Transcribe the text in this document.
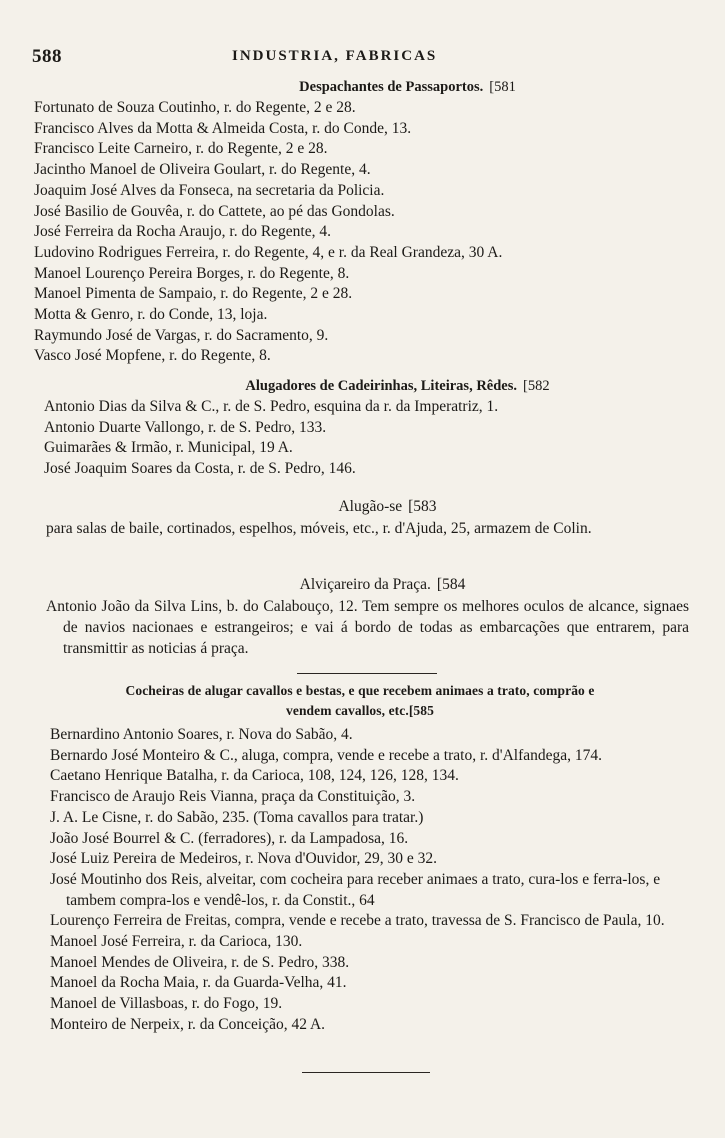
588	INDUSTRIA, FABRICAS
Despachantes de Passaportos. [581
Fortunato de Souza Coutinho, r. do Regente, 2 e 28.
Francisco Alves da Motta & Almeida Costa, r. do Conde, 13.
Francisco Leite Carneiro, r. do Regente, 2 e 28.
Jacintho Manoel de Oliveira Goulart, r. do Regente, 4.
Joaquim José Alves da Fonseca, na secretaria da Policia.
José Basilio de Gouvêa, r. do Cattete, ao pé das Gondolas.
José Ferreira da Rocha Araujo, r. do Regente, 4.
Ludovino Rodrigues Ferreira, r. do Regente, 4, e r. da Real Grandeza, 30 A.
Manoel Lourenço Pereira Borges, r. do Regente, 8.
Manoel Pimenta de Sampaio, r. do Regente, 2 e 28.
Motta & Genro, r. do Conde, 13, loja.
Raymundo José de Vargas, r. do Sacramento, 9.
Vasco José Mopfene, r. do Regente, 8.
Alugadores de Cadeirinhas, Liteiras, Rêdes. [582
Antonio Dias da Silva & C., r. de S. Pedro, esquina da r. da Imperatriz, 1.
Antonio Duarte Vallongo, r. de S. Pedro, 133.
Guimarães & Irmão, r. Municipal, 19 A.
José Joaquim Soares da Costa, r. de S. Pedro, 146.
Alugão-se [583
para salas de baile, cortinados, espelhos, móveis, etc., r. d'Ajuda, 25, armazem de Colin.
Alviçareiro da Praça. [584
Antonio João da Silva Lins, b. do Calabouço, 12. Tem sempre os melhores oculos de alcance, signaes de navios nacionaes e estrangeiros; e vai á bordo de todas as embarcações que entrarem, para transmittir as noticias á praça.
Cocheiras de alugar cavallos e bestas, e que recebem animaes a trato, comprão e
vendem cavallos, etc.[585
Bernardino Antonio Soares, r. Nova do Sabão, 4.
Bernardo José Monteiro & C., aluga, compra, vende e recebe a trato, r. d'Alfandega, 174.
Caetano Henrique Batalha, r. da Carioca, 108, 124, 126, 128, 134.
Francisco de Araujo Reis Vianna, praça da Constituição, 3.
J. A. Le Cisne, r. do Sabão, 235. (Toma cavallos para tratar.)
João José Bourrel & C. (ferradores), r. da Lampadosa, 16.
José Luiz Pereira de Medeiros, r. Nova d'Ouvidor, 29, 30 e 32.
José Moutinho dos Reis, alveitar, com cocheira para receber animaes a trato, cura-los e ferra-los, e tambem compra-los e vendê-los, r. da Constit., 64
Lourenço Ferreira de Freitas, compra, vende e recebe a trato, travessa de S. Francisco de Paula, 10.
Manoel José Ferreira, r. da Carioca, 130.
Manoel Mendes de Oliveira, r. de S. Pedro, 338.
Manoel da Rocha Maia, r. da Guarda-Velha, 41.
Manoel de Villasboas, r. do Fogo, 19.
Monteiro de Nerpeix, r. da Conceição, 42 A.
